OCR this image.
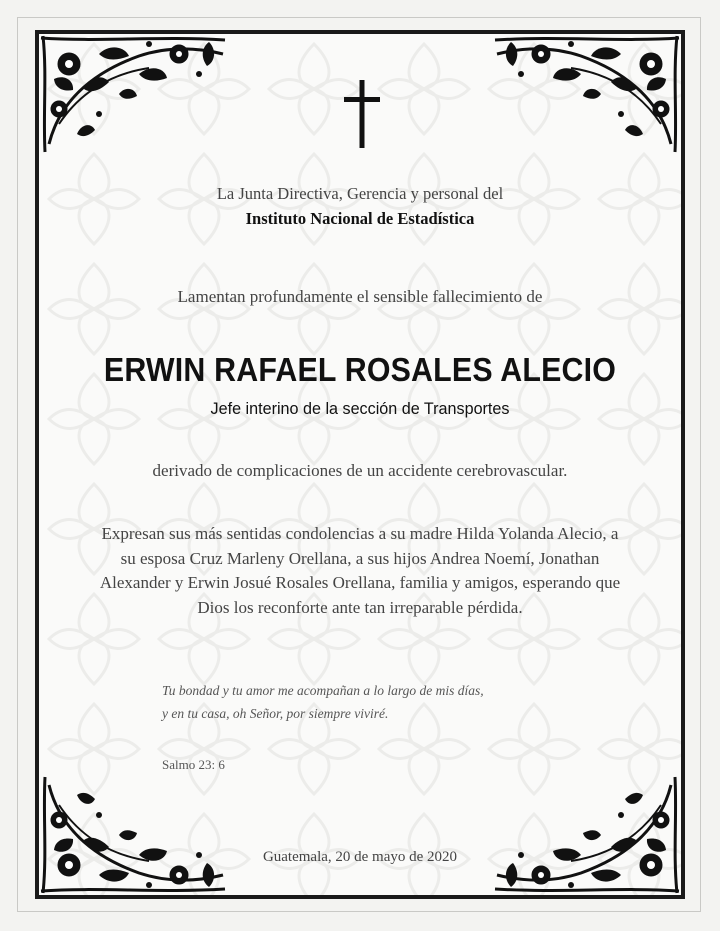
La Junta Directiva, Gerencia y personal del
Instituto Nacional de Estadística
Lamentan profundamente el sensible fallecimiento de
ERWIN RAFAEL ROSALES ALECIO
Jefe interino de la sección de Transportes
derivado de complicaciones de un accidente cerebrovascular.
Expresan sus más sentidas condolencias a su madre Hilda Yolanda Alecio, a su esposa Cruz Marleny Orellana, a sus hijos Andrea Noemí, Jonathan Alexander y Erwin Josué Rosales Orellana, familia y amigos, esperando que Dios los reconforte ante tan irreparable pérdida.
Tu bondad y tu amor me acompañan a lo largo de mis días,
y en tu casa, oh Señor, por siempre viviré.
Salmo 23: 6
Guatemala, 20 de mayo de 2020
